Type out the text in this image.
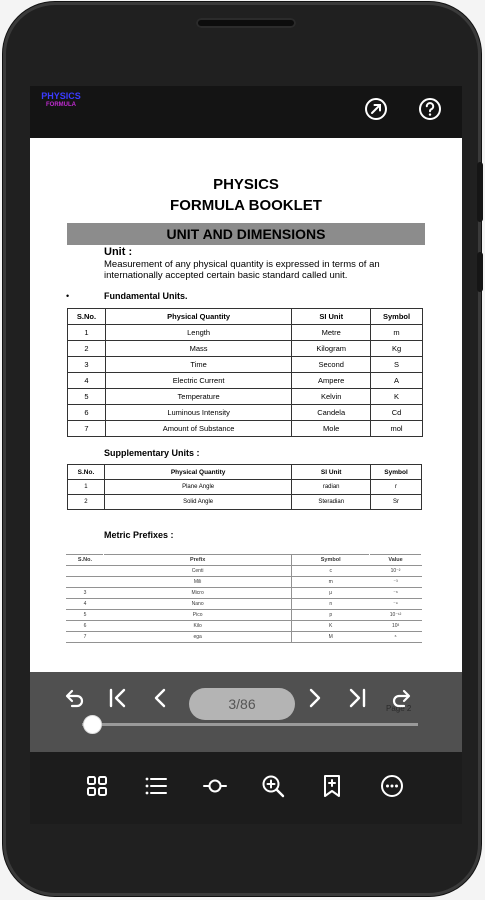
PHYSICS
FORMULA
PHYSICS
FORMULA BOOKLET
UNIT AND DIMENSIONS
Unit :
Measurement of any physical quantity is expressed in terms of an internationally accepted certain basic standard called unit.
•	Fundamental Units.
S.No.	Physical Quantity	SI Unit	Symbol
1	Length	Metre	m
2	Mass	Kilogram	Kg
3	Time	Second	S
4	Electric Current	Ampere	A
5	Temperature	Kelvin	K
6	Luminous Intensity	Candela	Cd
7	Amount of Substance	Mole	mol
Supplementary Units :
S.No.	Physical Quantity	SI Unit	Symbol
1	Plane Angle	radian	r
2	Solid Angle	Steradian	Sr
Metric Prefixes :
S.No.	Prefix	Symbol	Value
	Centi	c	10⁻²
	Mili	m	⁻³
3	Micro	μ	⁻⁶
4	Nano	n	⁻⁹
5	Pico	p	10⁻¹²
6	Kilo	K	10³
7	ega	M	⁶
Page 2
3/86
